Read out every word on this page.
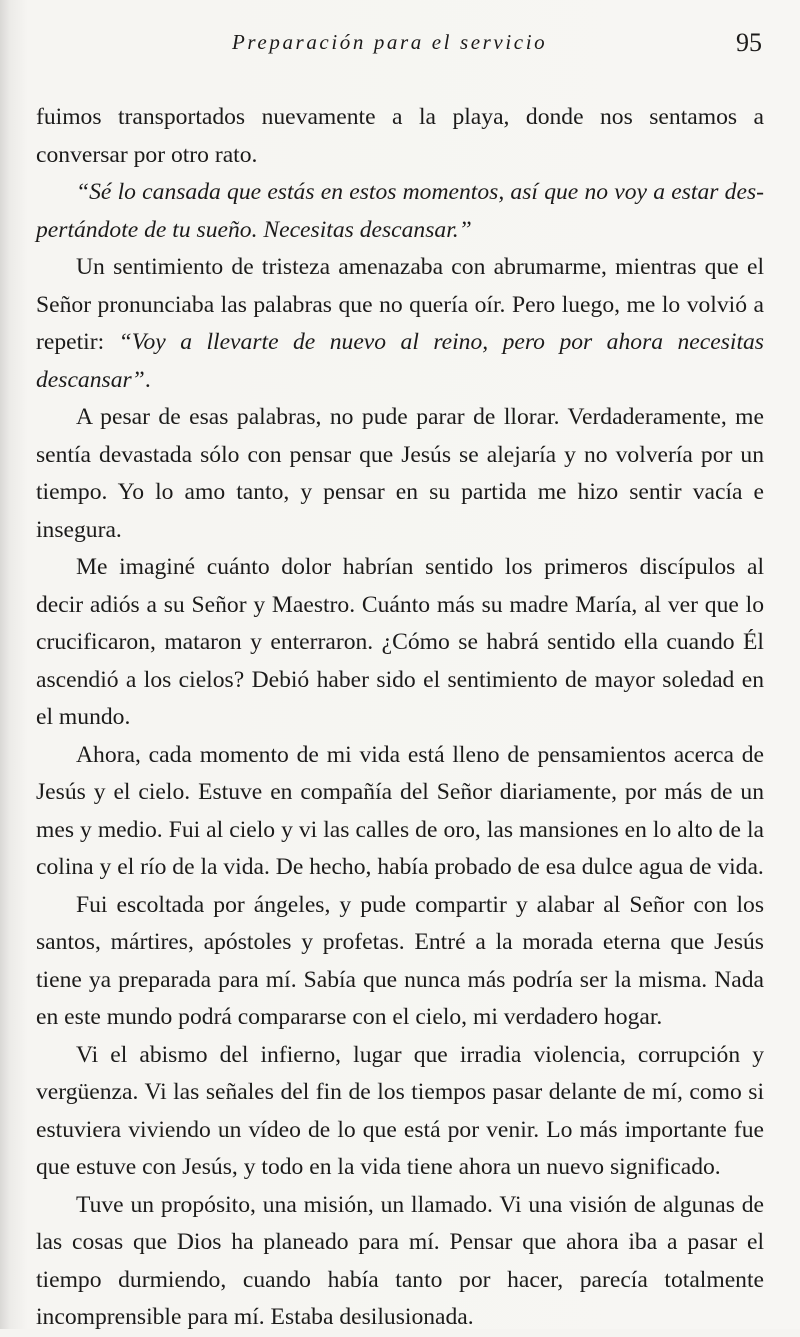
Preparación para el servicio	95

fuimos transportados nuevamente a la playa, donde nos sentamos a conversar por otro rato.

“Sé lo cansada que estás en estos momentos, así que no voy a estar despertándote de tu sueño. Necesitas descansar.”

Un sentimiento de tristeza amenazaba con abrumarme, mientras que el Señor pronunciaba las palabras que no quería oír. Pero luego, me lo volvió a repetir: “Voy a llevarte de nuevo al reino, pero por ahora necesitas descansar”.

A pesar de esas palabras, no pude parar de llorar. Verdaderamente, me sentía devastada sólo con pensar que Jesús se alejaría y no volvería por un tiempo. Yo lo amo tanto, y pensar en su partida me hizo sentir vacía e insegura.

Me imaginé cuánto dolor habrían sentido los primeros discípulos al decir adiós a su Señor y Maestro. Cuánto más su madre María, al ver que lo crucificaron, mataron y enterraron. ¿Cómo se habrá sentido ella cuando Él ascendió a los cielos? Debió haber sido el sentimiento de mayor soledad en el mundo.

Ahora, cada momento de mi vida está lleno de pensamientos acerca de Jesús y el cielo. Estuve en compañía del Señor diariamente, por más de un mes y medio. Fui al cielo y vi las calles de oro, las mansiones en lo alto de la colina y el río de la vida. De hecho, había probado de esa dulce agua de vida.

Fui escoltada por ángeles, y pude compartir y alabar al Señor con los santos, mártires, apóstoles y profetas. Entré a la morada eterna que Jesús tiene ya preparada para mí. Sabía que nunca más podría ser la misma. Nada en este mundo podrá compararse con el cielo, mi verdadero hogar.

Vi el abismo del infierno, lugar que irradia violencia, corrupción y vergüenza. Vi las señales del fin de los tiempos pasar delante de mí, como si estuviera viviendo un vídeo de lo que está por venir. Lo más importante fue que estuve con Jesús, y todo en la vida tiene ahora un nuevo significado.

Tuve un propósito, una misión, un llamado. Vi una visión de algunas de las cosas que Dios ha planeado para mí. Pensar que ahora iba a pasar el tiempo durmiendo, cuando había tanto por hacer, parecía totalmente incomprensible para mí. Estaba desilusionada.
